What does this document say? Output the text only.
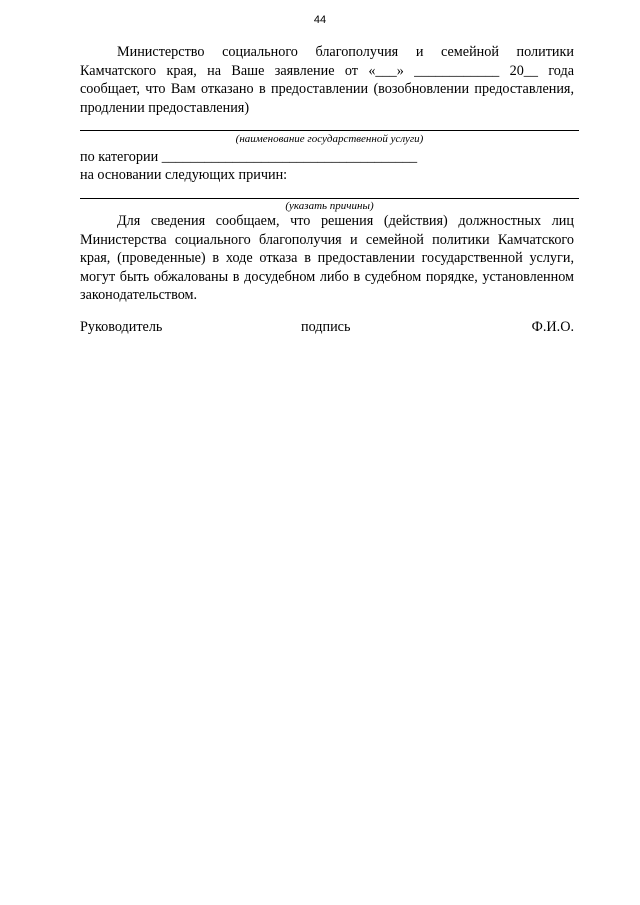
44
Министерство социального благополучия и семейной политики Камчатского края, на Ваше заявление от «___» ____________ 20__ года сообщает, что Вам отказано в предоставлении (возобновлении предоставления, продлении предоставления)
(наименование государственной услуги)
по категории ____________________________________
на основании следующих причин:
(указать причины)
Для сведения сообщаем, что решения (действия) должностных лиц Министерства социального благополучия и семейной политики Камчатского края, (проведенные) в ходе отказа в предоставлении государственной услуги, могут быть обжалованы в досудебном либо в судебном порядке, установленном законодательством.
Руководитель	подпись	Ф.И.О.
